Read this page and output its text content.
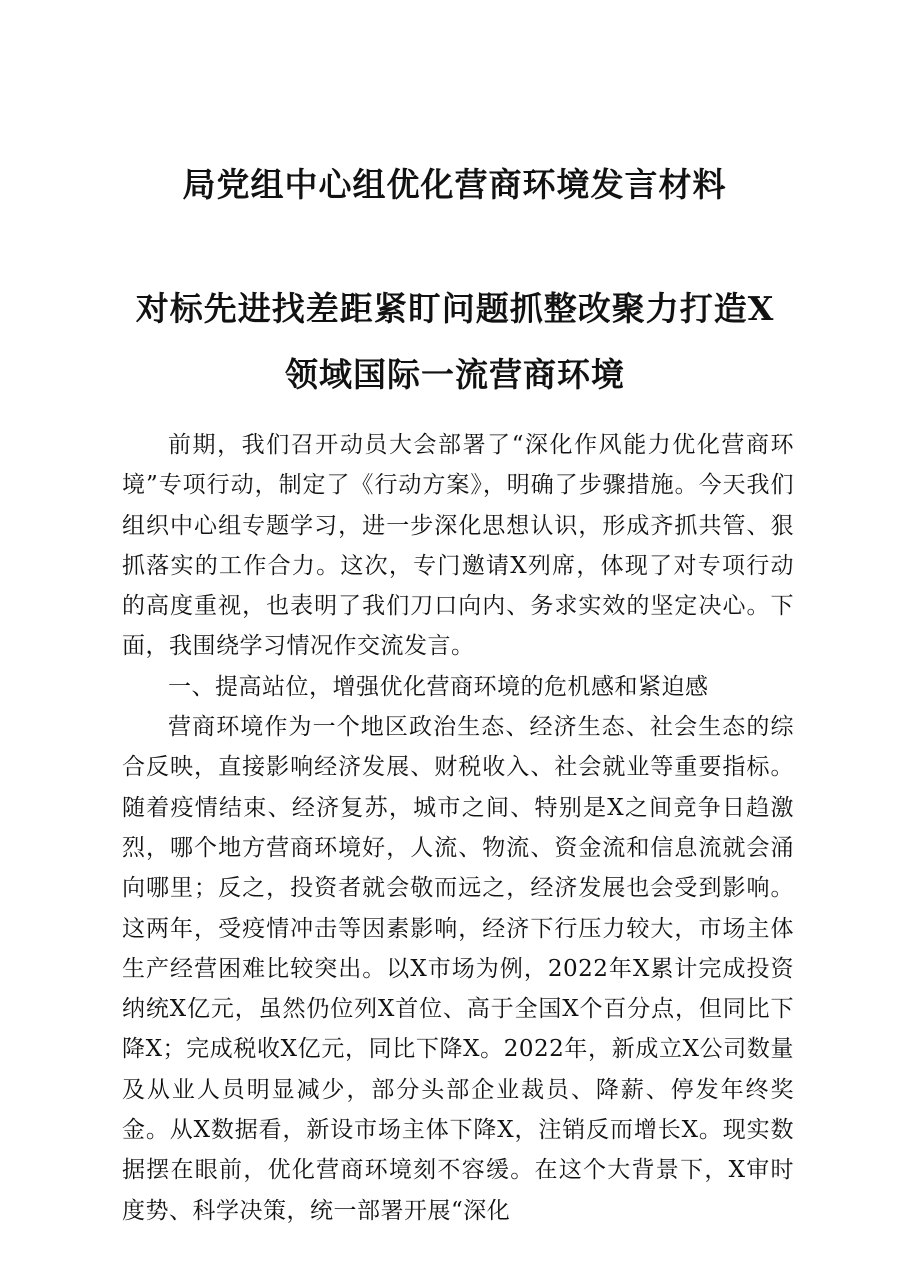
局党组中心组优化营商环境发言材料
对标先进找差距紧盯问题抓整改聚力打造X领域国际一流营商环境

前期，我们召开动员大会部署了“深化作风能力优化营商环境”专项行动，制定了《行动方案》，明确了步骤措施。今天我们组织中心组专题学习，进一步深化思想认识，形成齐抓共管、狠抓落实的工作合力。这次，专门邀请X列席，体现了对专项行动的高度重视，也表明了我们刀口向内、务求实效的坚定决心。下面，我围绕学习情况作交流发言。

一、提高站位，增强优化营商环境的危机感和紧迫感

营商环境作为一个地区政治生态、经济生态、社会生态的综合反映，直接影响经济发展、财税收入、社会就业等重要指标。随着疫情结束、经济复苏，城市之间、特别是X之间竞争日趋激烈，哪个地方营商环境好，人流、物流、资金流和信息流就会涌向哪里；反之，投资者就会敬而远之，经济发展也会受到影响。这两年，受疫情冲击等因素影响，经济下行压力较大，市场主体生产经营困难比较突出。以X市场为例，2022年X累计完成投资纳统X亿元，虽然仍位列X首位、高于全国X个百分点，但同比下降X；完成税收X亿元，同比下降X。2022年，新成立X公司数量及从业人员明显减少，部分头部企业裁员、降薪、停发年终奖金。从X数据看，新设市场主体下降X，注销反而增长X。现实数据摆在眼前，优化营商环境刻不容缓。在这个大背景下，X审时度势、科学决策，统一部署开展“深化
